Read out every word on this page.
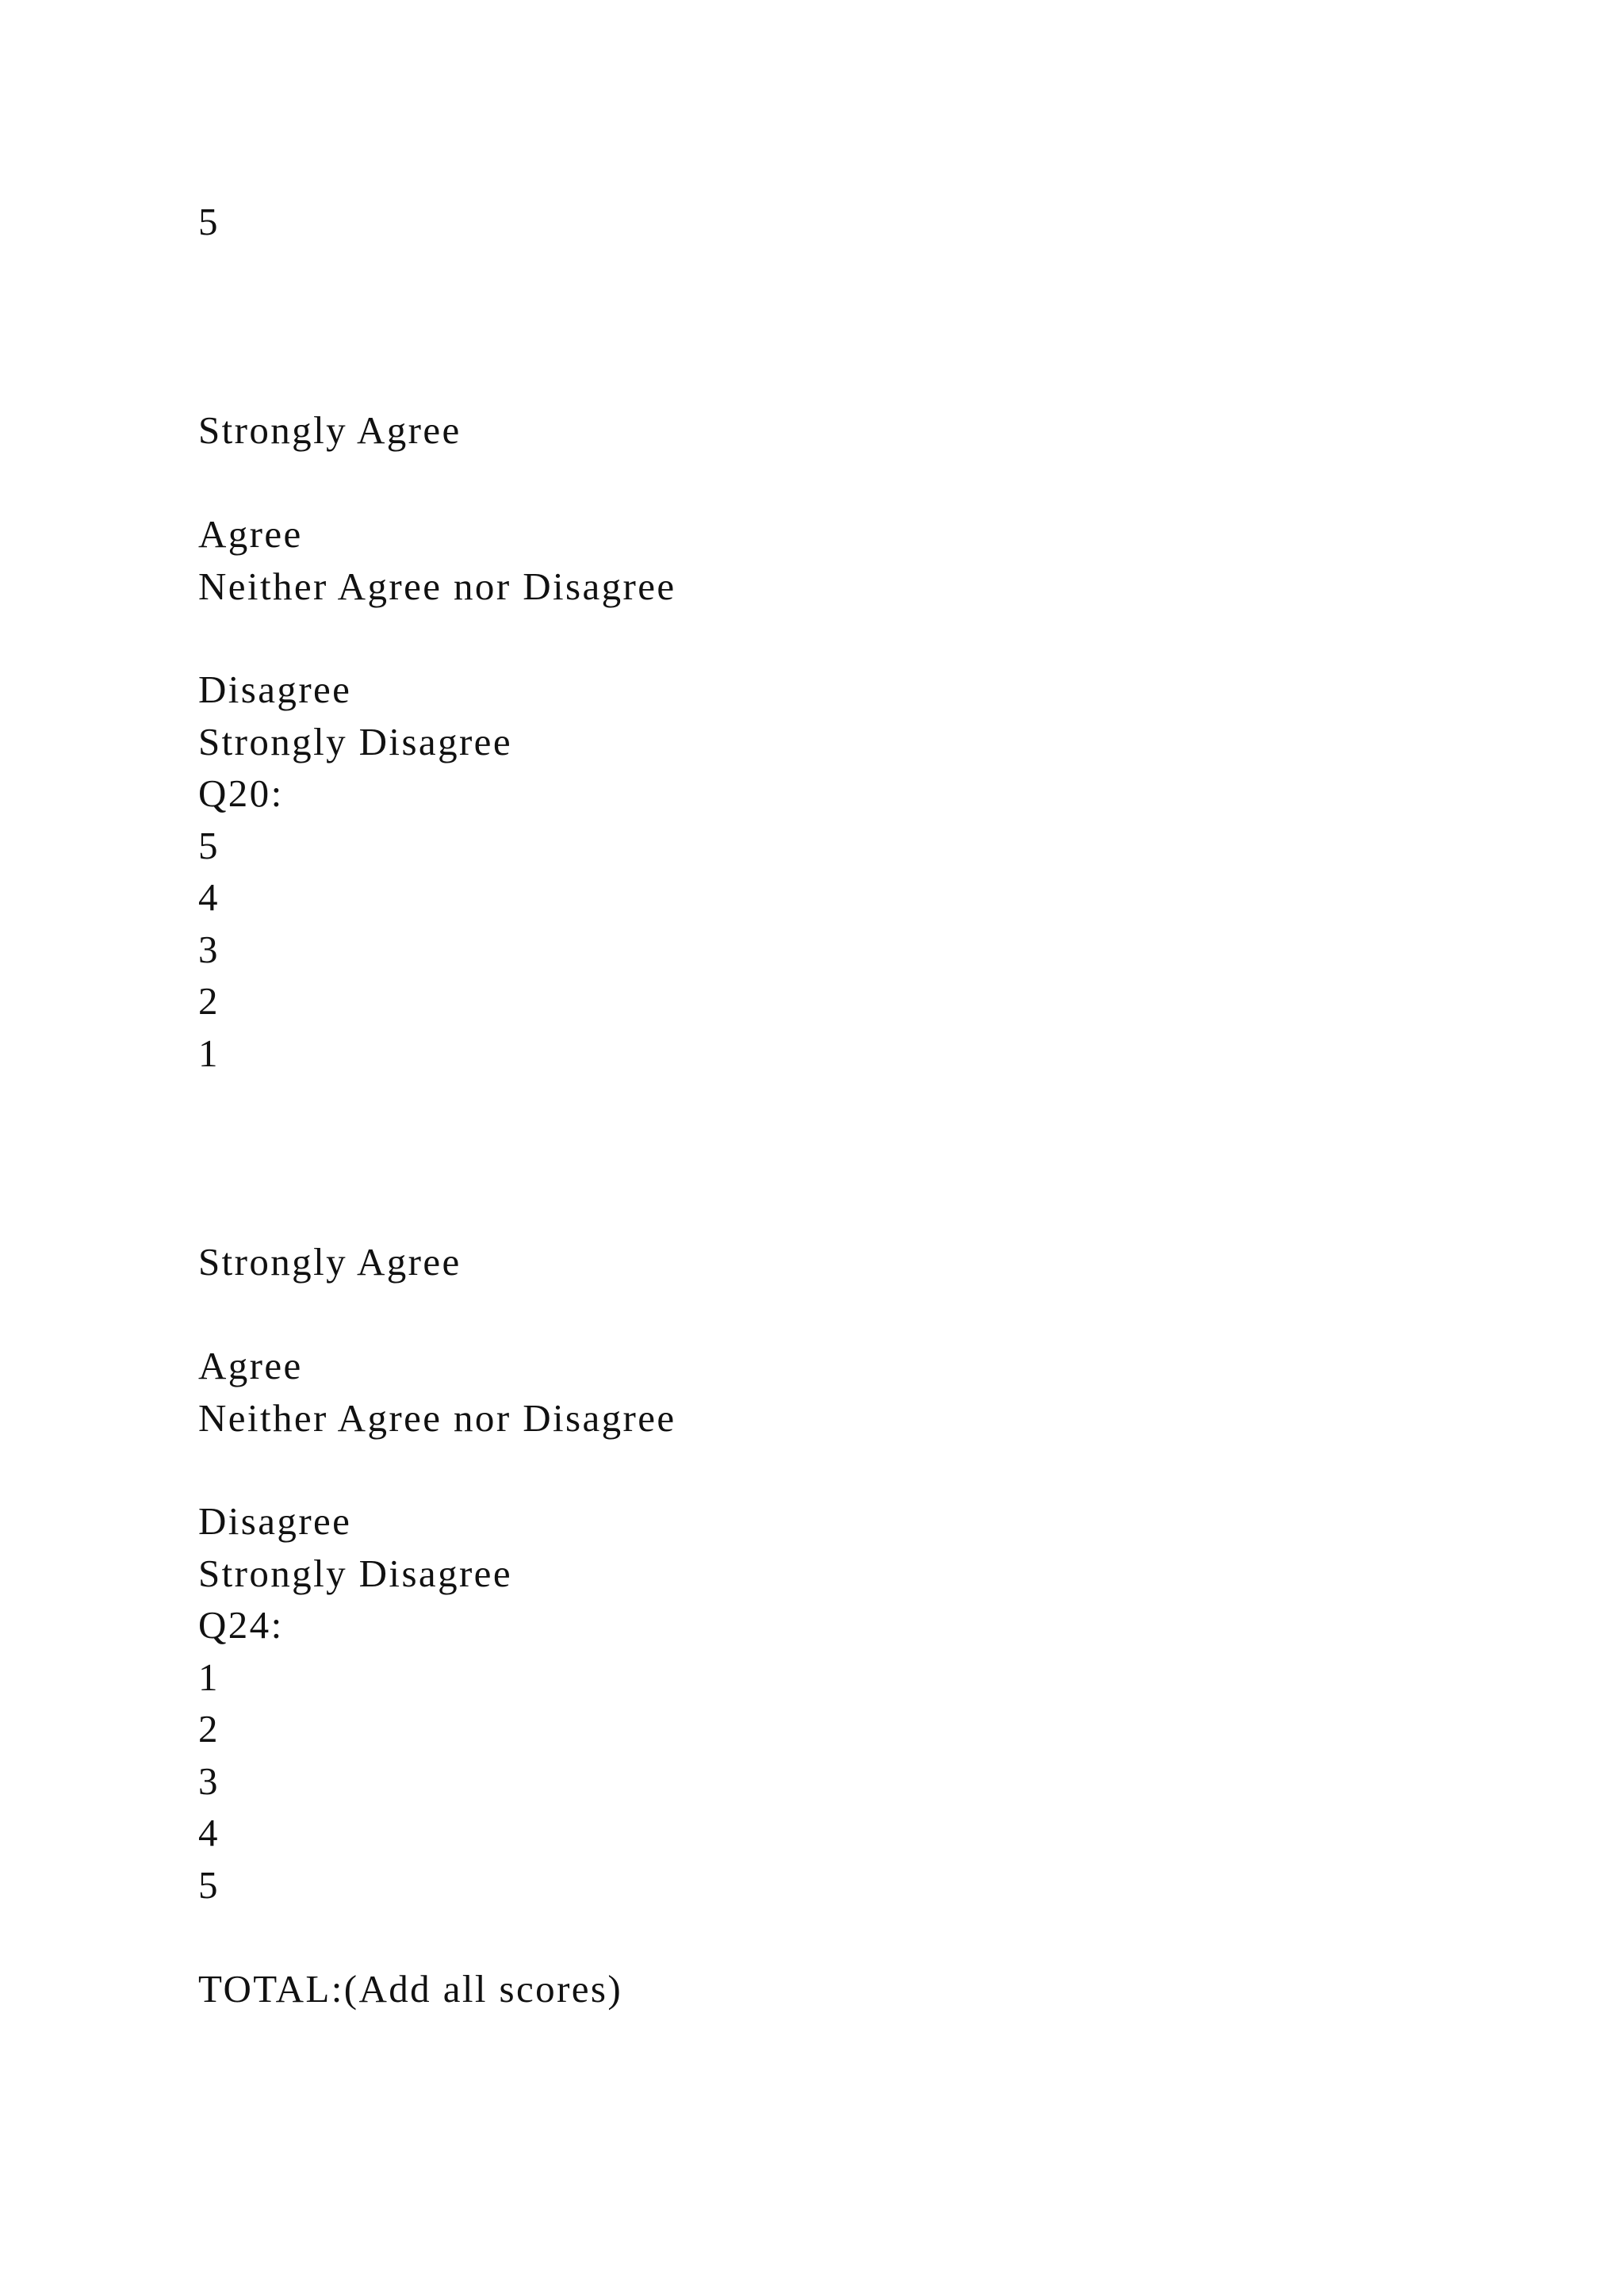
5
Strongly Agree
Agree
Neither Agree nor Disagree
Disagree
Strongly Disagree
Q20:
5
4
3
2
1
Strongly Agree
Agree
Neither Agree nor Disagree
Disagree
Strongly Disagree
Q24:
1
2
3
4
5
TOTAL:(Add all scores)
